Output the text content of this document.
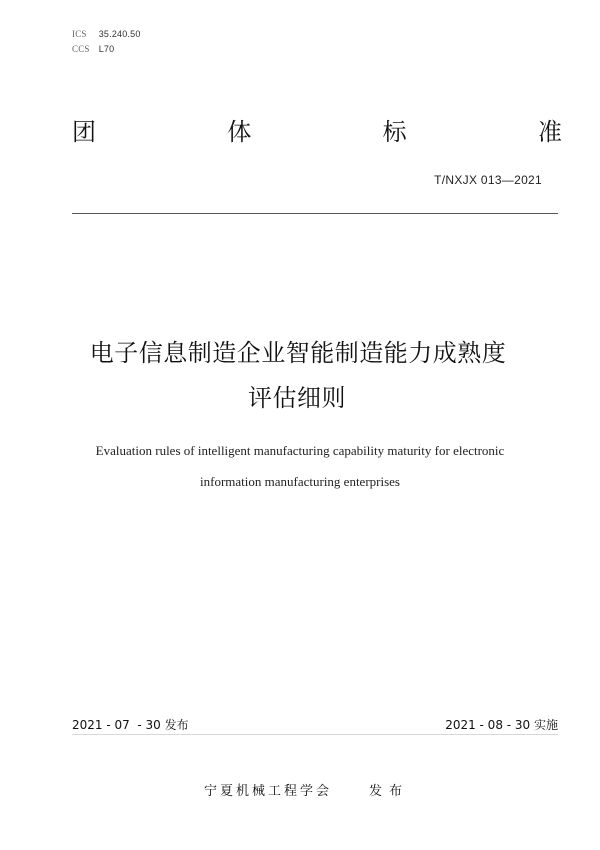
ICS 35.240.50
CCS L70
团	体	标	准
T/NXJX 013—2021
电子信息制造企业智能制造能力成熟度
评估细则
Evaluation rules of intelligent manufacturing capability maturity for electronic
information manufacturing enterprises
2021 - 07  - 30 发布	2021 - 08 - 30 实施
宁夏机械工程学会	发布
